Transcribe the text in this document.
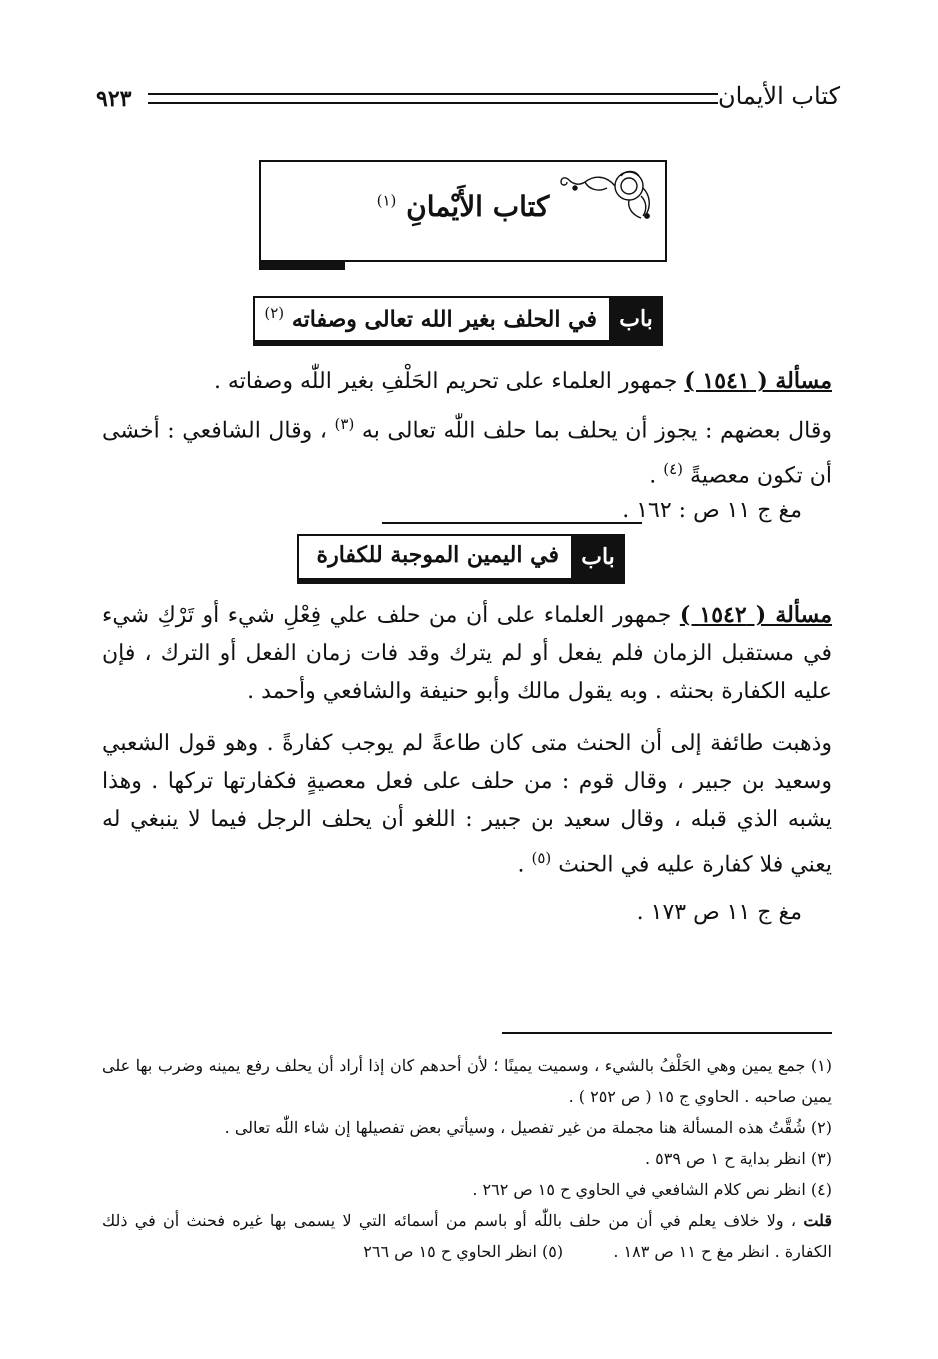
٩٢٣	كتاب الأيمان
كتاب الأَيْمانِ $^{(١)}$
باب
في الحلف بغير الله تعالى وصفاته $^{(٢)}$

مسألة ( ١٥٤١ ) جمهور العلماء على تحريم الحَلْفِ بغير اللّٰه وصفاته .

وقال بعضهم : يجوز أن يحلف بما حلف اللّٰه تعالى به $^{(٣)}$ ، وقال الشافعي : أخشى أن تكون معصيةً $^{(٤)}$ .

مغ ج ١١ ص : ١٦٢ .
باب
في اليمين الموجبة للكفارة

مسألة ( ١٥٤٢ ) جمهور العلماء على أن من حلف علي فِعْلِ شيء أو تَرْكِ شيء في مستقبل الزمان فلم يفعل أو لم يترك وقد فات زمان الفعل أو الترك ، فإن عليه الكفارة بحنثه . وبه يقول مالك وأبو حنيفة والشافعي وأحمد .

وذهبت طائفة إلى أن الحنث متى كان طاعةً لم يوجب كفارةً . وهو قول الشعبي وسعيد بن جبير ، وقال قوم : من حلف على فعل معصيةٍ فكفارتها تركها . وهذا يشبه الذي قبله ، وقال سعيد بن جبير : اللغو أن يحلف الرجل فيما لا ينبغي له يعني فلا كفارة عليه في الحنث $^{(٥)}$ .

مغ ج ١١ ص ١٧٣ .

(١) جمع يمين وهي الحَلْفُ بالشيء ، وسميت يمينًا ؛ لأن أحدهم كان إذا أراد أن يحلف رفع يمينه وضرب بها على يمين صاحبه . الحاوي ج ١٥ ( ص ٢٥٢ ) .

(٢) شُقَّتُ هذه المسألة هنا مجملة من غير تفصيل ، وسيأتي بعض تفصيلها إن شاء اللّٰه تعالى .

(٣) انظر بداية ح ١ ص ٥٣٩ .

(٤) انظر نص كلام الشافعي في الحاوي ح ١٥ ص ٢٦٢ .

قلت ، ولا خلاف يعلم في أن من حلف باللّٰه أو باسم من أسمائه التي لا يسمى بها غيره فحنث أن في ذلك الكفارة . انظر مغ ح ١١ ص ١٨٣ .  (٥) انظر الحاوي ح ١٥ ص ٢٦٦
